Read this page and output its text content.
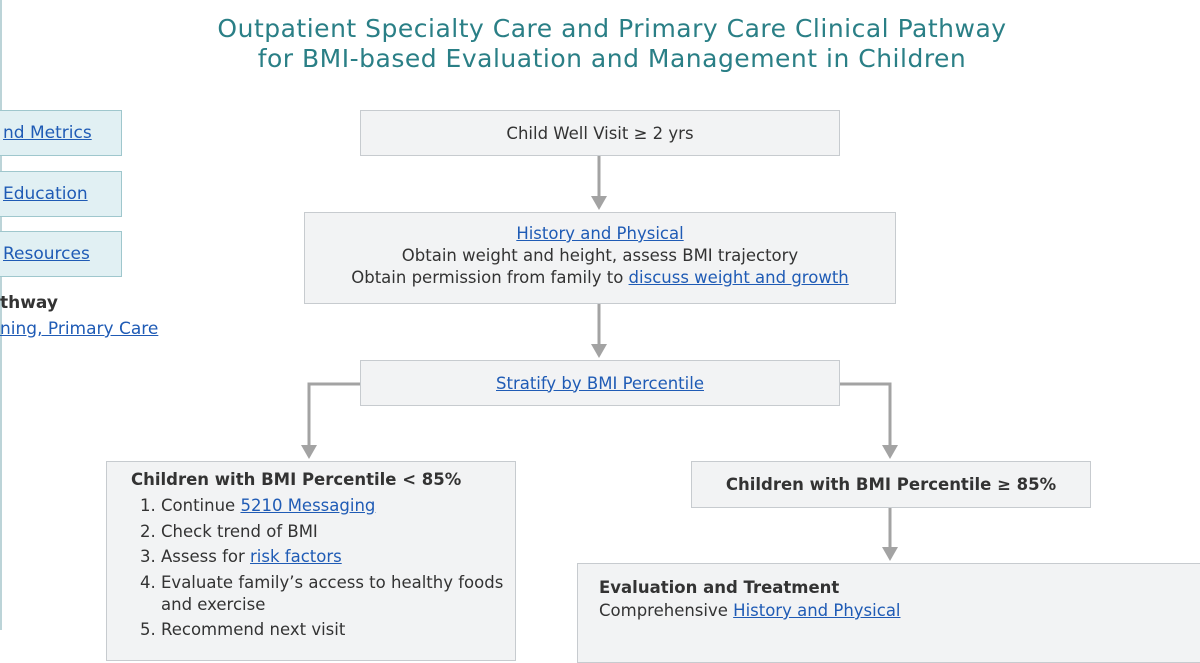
Outpatient Specialty Care and Primary Care Clinical Pathway
for BMI-based Evaluation and Management in Children
nd Metrics
Education
Resources
thway
ning, Primary Care
Child Well Visit ≥ 2 yrs
History and Physical
Obtain weight and height, assess BMI trajectory
Obtain permission from family to discuss weight and growth
Stratify by BMI Percentile
Children with BMI Percentile < 85%
1. Continue 5210 Messaging
2. Check trend of BMI
3. Assess for risk factors
4. Evaluate family’s access to healthy foods and exercise
5. Recommend next visit
Children with BMI Percentile ≥ 85%
Evaluation and Treatment
Comprehensive History and Physical
